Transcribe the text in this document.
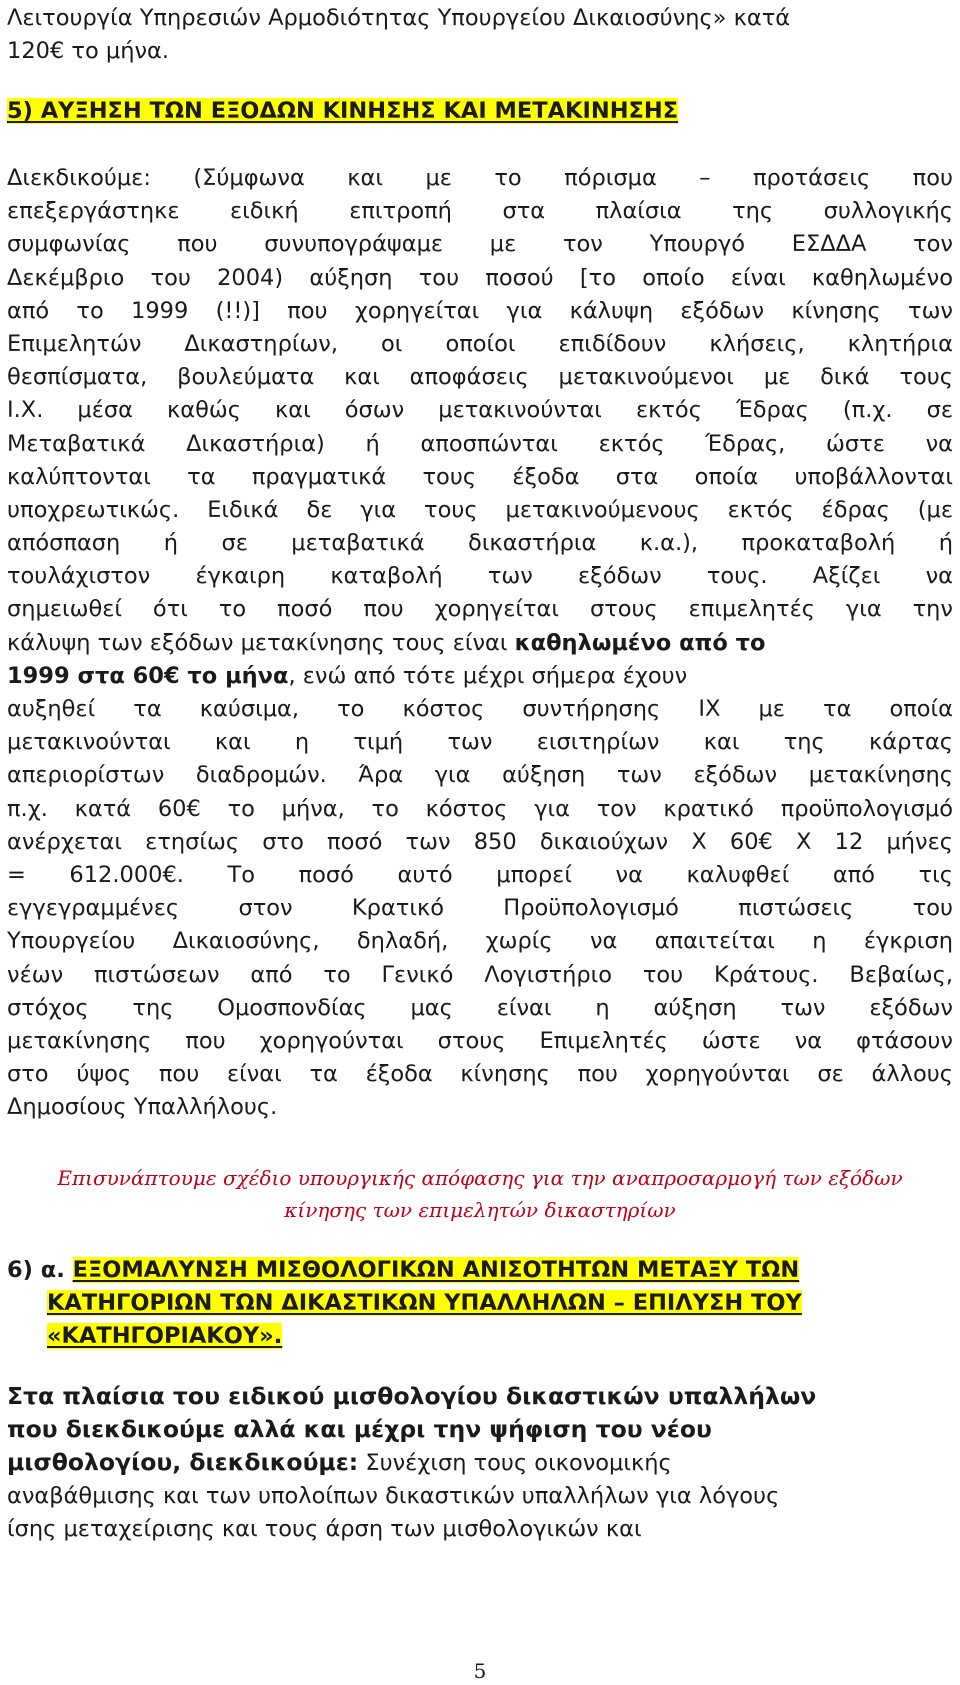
Λειτουργία Υπηρεσιών Αρμοδιότητας Υπουργείου Δικαιοσύνης» κατά
120€ το μήνα.
5) ΑΥΞΗΣΗ ΤΩΝ ΕΞΟΔΩΝ ΚΙΝΗΣΗΣ ΚΑΙ ΜΕΤΑΚΙΝΗΣΗΣ
Διεκδικούμε: (Σύμφωνα και με το πόρισμα – προτάσεις που
επεξεργάστηκε ειδική επιτροπή στα πλαίσια της συλλογικής
συμφωνίας που συνυπογράψαμε με τον Υπουργό ΕΣΔΔΑ τον
Δεκέμβριο του 2004) αύξηση του ποσού [το οποίο είναι καθηλωμένο
από το 1999 (!!)] που χορηγείται για κάλυψη εξόδων κίνησης των
Επιμελητών Δικαστηρίων, οι οποίοι επιδίδουν κλήσεις, κλητήρια
θεσπίσματα, βουλεύματα και αποφάσεις μετακινούμενοι με δικά τους
Ι.Χ. μέσα καθώς και όσων μετακινούνται εκτός Έδρας (π.χ. σε
Μεταβατικά Δικαστήρια) ή αποσπώνται εκτός Έδρας, ώστε να
καλύπτονται τα πραγματικά τους έξοδα στα οποία υποβάλλονται
υποχρεωτικώς. Ειδικά δε για τους μετακινούμενους εκτός έδρας (με
απόσπαση ή σε μεταβατικά δικαστήρια κ.α.), προκαταβολή ή
τουλάχιστον έγκαιρη καταβολή των εξόδων τους. Αξίζει να
σημειωθεί ότι το ποσό που χορηγείται στους επιμελητές για την
κάλυψη των εξόδων μετακίνησης τους είναι καθηλωμένο από το
1999 στα 60€ το μήνα, ενώ από τότε μέχρι σήμερα έχουν
αυξηθεί τα καύσιμα, το κόστος συντήρησης ΙΧ με τα οποία
μετακινούνται και η τιμή των εισιτηρίων και της κάρτας
απεριορίστων διαδρομών. Άρα για αύξηση των εξόδων μετακίνησης
π.χ. κατά 60€ το μήνα, το κόστος για τον κρατικό προϋπολογισμό
ανέρχεται ετησίως στο ποσό των 850 δικαιούχων Χ 60€ Χ 12 μήνες
= 612.000€. Το ποσό αυτό μπορεί να καλυφθεί από τις
εγγεγραμμένες στον Κρατικό Προϋπολογισμό πιστώσεις του
Υπουργείου Δικαιοσύνης, δηλαδή, χωρίς να απαιτείται η έγκριση
νέων πιστώσεων από το Γενικό Λογιστήριο του Κράτους. Βεβαίως,
στόχος της Ομοσπονδίας μας είναι η αύξηση των εξόδων
μετακίνησης που χορηγούνται στους Επιμελητές ώστε να φτάσουν
στο ύψος που είναι τα έξοδα κίνησης που χορηγούνται σε άλλους
Δημοσίους Υπαλλήλους.
Επισυνάπτουμε σχέδιο υπουργικής απόφασης για την αναπροσαρμογή των εξόδων
κίνησης των επιμελητών δικαστηρίων
6) α. ΕΞΟΜΑΛΥΝΣΗ ΜΙΣΘΟΛΟΓΙΚΩΝ ΑΝΙΣΟΤΗΤΩΝ ΜΕΤΑΞΥ ΤΩΝ
ΚΑΤΗΓΟΡΙΩΝ ΤΩΝ ΔΙΚΑΣΤΙΚΩΝ ΥΠΑΛΛΗΛΩΝ – ΕΠΙΛΥΣΗ ΤΟΥ
«ΚΑΤΗΓΟΡΙΑΚΟΥ».
Στα πλαίσια του ειδικού μισθολογίου δικαστικών υπαλλήλων
που διεκδικούμε αλλά και μέχρι την ψήφιση του νέου
μισθολογίου, διεκδικούμε: Συνέχιση τους οικονομικής
αναβάθμισης και των υπολοίπων δικαστικών υπαλλήλων για λόγους
ίσης μεταχείρισης και τους άρση των μισθολογικών και
5
